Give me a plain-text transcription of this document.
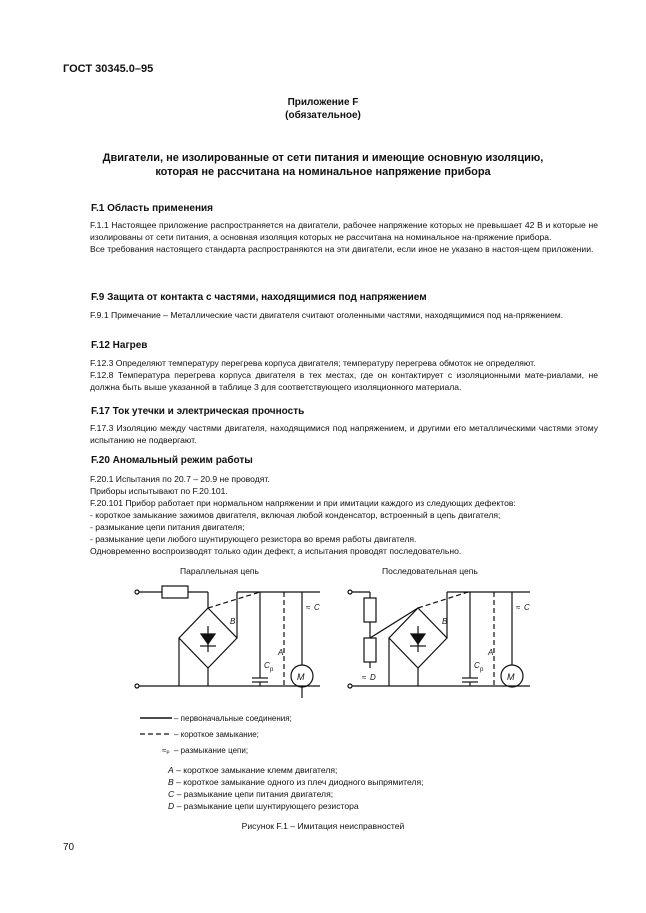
ГОСТ 30345.0–95
Приложение F
(обязательное)
Двигатели, не изолированные от сети питания и имеющие основную изоляцию,
которая не рассчитана на номинальное напряжение прибора
F.1 Область применения

F.1.1 Настоящее приложение распространяется на двигатели, рабочее напряжение которых не превышает 42 В и которые не изолированы от сети питания, а основная изоляция которых не рассчитана на номинальное на-пряжение прибора.

Все требования настоящего стандарта распространяются на эти двигатели, если иное не указано в настоя-щем приложении.

F.9 Защита от контакта с частями, находящимися под напряжением

F.9.1 Примечание – Металлические части двигателя считают оголенными частями, находящимися под на-пряжением.

F.12 Нагрев

F.12.3 Определяют температуру перегрева корпуса двигателя; температуру перегрева обмоток не определяют.

F.12.8 Температура перегрева корпуса двигателя в тех местах, где он контактирует с изоляционными мате-риалами, не должна быть выше указанной в таблице 3 для соответствующего изоляционного материала.

F.17 Ток утечки и электрическая прочность

F.17.3 Изоляцию между частями двигателя, находящимися под напряжением, и другими его металлическими частями этому испытанию не подвергают.

F.20 Аномальный режим работы

F.20.1 Испытания по 20.7 – 20.9 не проводят.

Приборы испытывают по F.20.101.

F.20.101 Прибор работает при нормальном напряжении и при имитации каждого из следующих дефектов:

- короткое замыкание зажимов двигателя, включая любой конденсатор, встроенный в цепь двигателя;

- размыкание цепи питания двигателя;

- размыкание цепи любого шунтирующего резистора во время работы двигателя.

Одновременно воспроизводят только один дефект, а испытания проводят последовательно.

Параллельная цепь
C p
A
B
M
≈ C
Последовательная цепь
≈ D
B
C p
A
M
≈ C
– первоначальные соединения;
– короткое замыкание;
≈ₚ – размыкание цепи;
A – короткое замыкание клемм двигателя;
B – короткое замыкание одного из плеч диодного выпрямителя;
C – размыкание цепи питания двигателя;
D – размыкание цепи шунтирующего резистора
Рисунок F.1 – Имитация неисправностей
70
